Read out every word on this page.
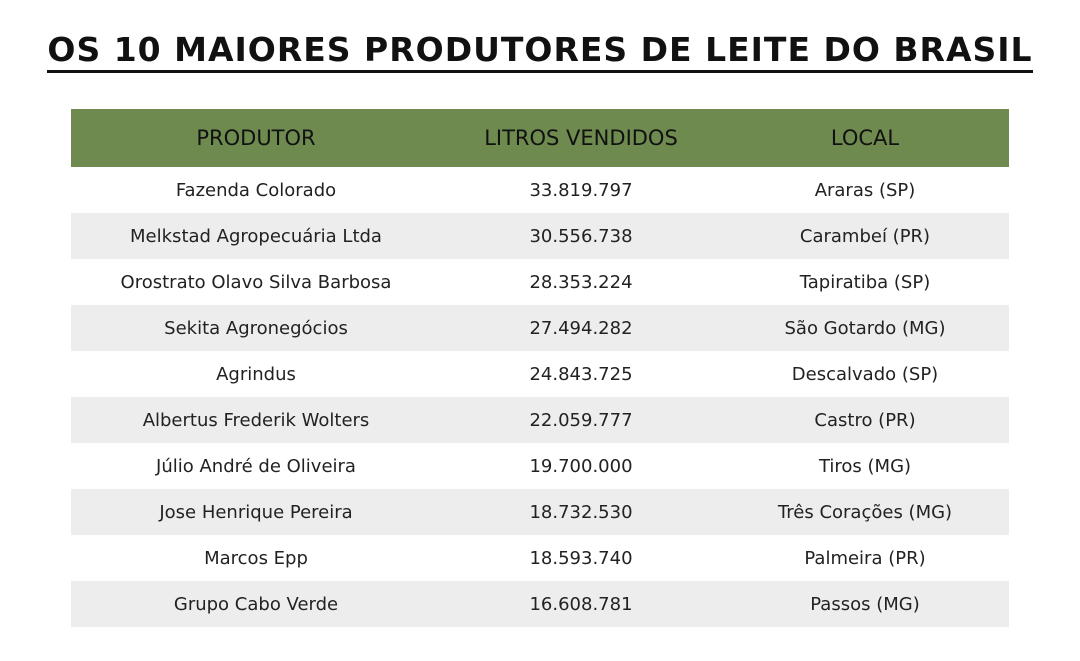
OS 10 MAIORES PRODUTORES DE LEITE DO BRASIL
PRODUTOR	LITROS VENDIDOS	LOCAL
Fazenda Colorado	33.819.797	Araras (SP)
Melkstad Agropecuária Ltda	30.556.738	Carambeí (PR)
Orostrato Olavo Silva Barbosa	28.353.224	Tapiratiba (SP)
Sekita Agronegócios	27.494.282	São Gotardo (MG)
Agrindus	24.843.725	Descalvado (SP)
Albertus Frederik Wolters	22.059.777	Castro (PR)
Júlio André de Oliveira	19.700.000	Tiros (MG)
Jose Henrique Pereira	18.732.530	Três Corações (MG)
Marcos Epp	18.593.740	Palmeira (PR)
Grupo Cabo Verde	16.608.781	Passos (MG)
